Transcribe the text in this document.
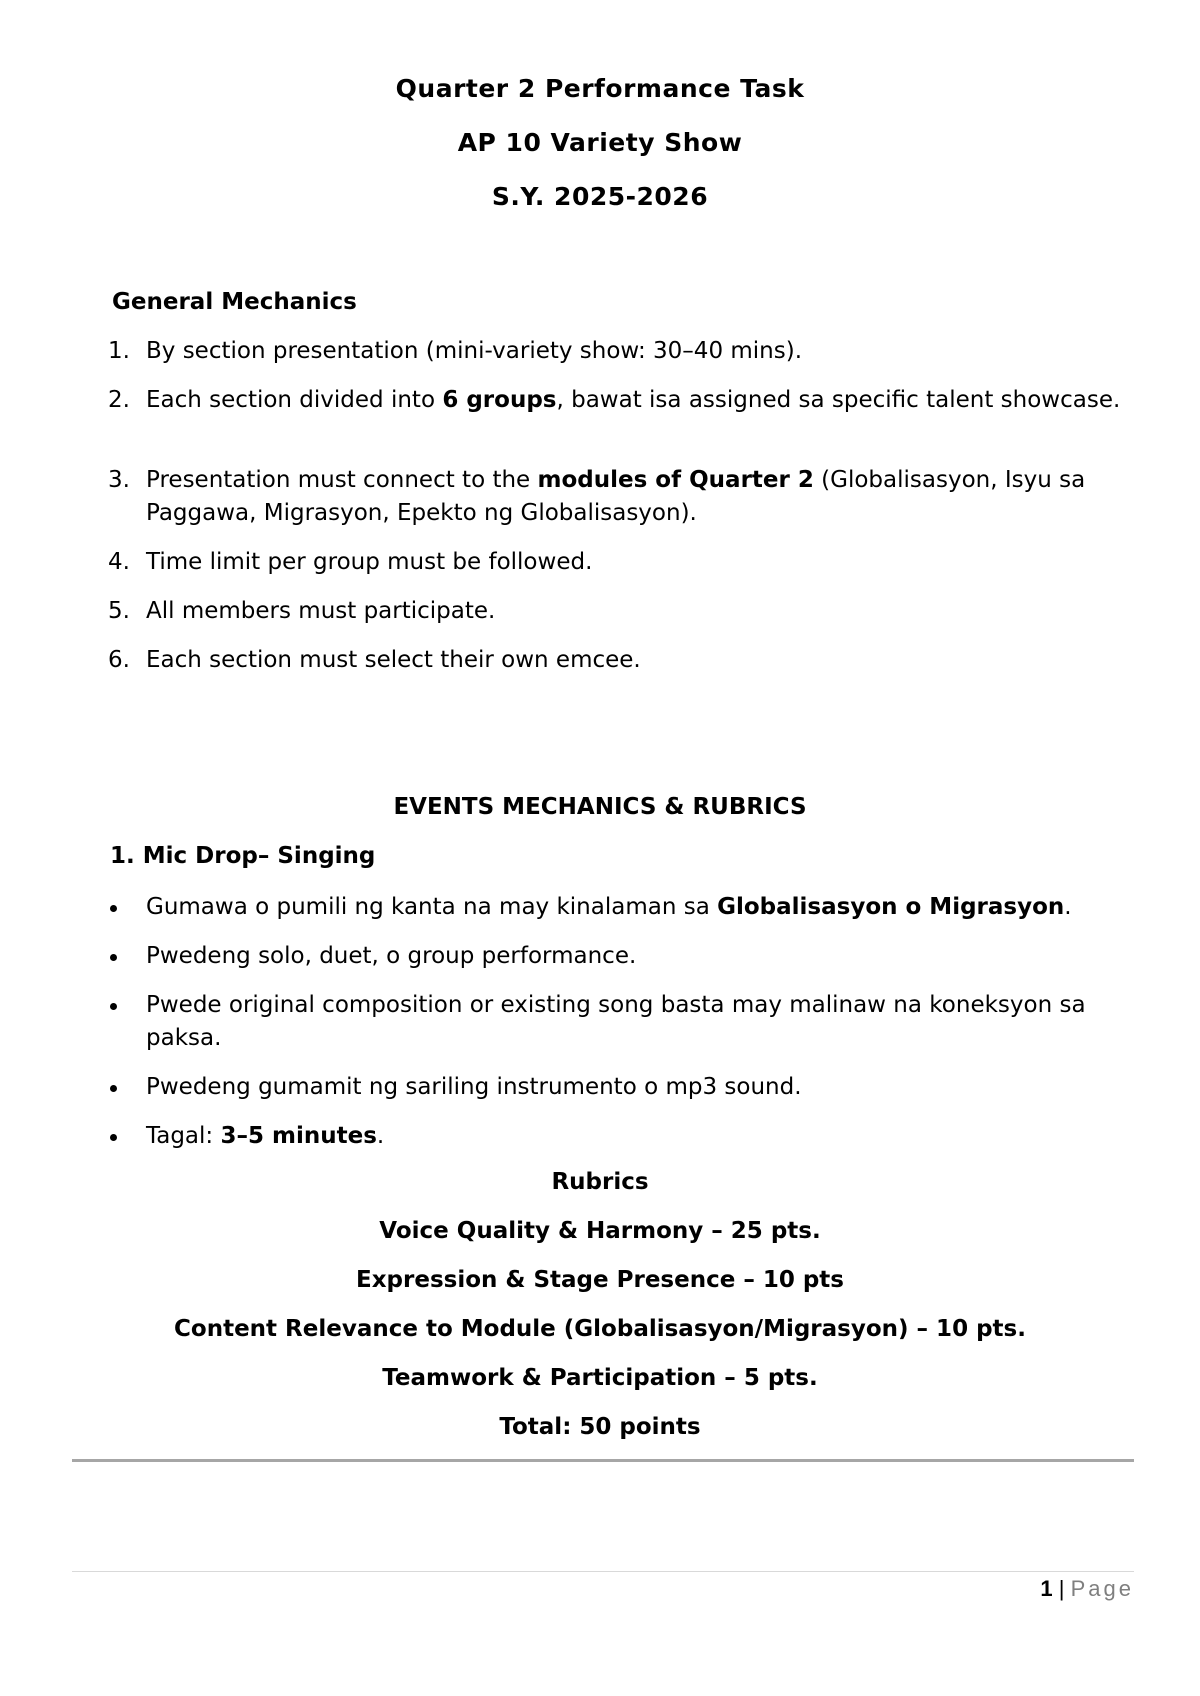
Quarter 2 Performance Task
AP 10 Variety Show
S.Y. 2025-2026
General Mechanics
1. By section presentation (mini-variety show: 30–40 mins).
2. Each section divided into 6 groups, bawat isa assigned sa specific talent showcase.
3. Presentation must connect to the modules of Quarter 2 (Globalisasyon, Isyu sa Paggawa, Migrasyon, Epekto ng Globalisasyon).
4. Time limit per group must be followed.
5. All members must participate.
6. Each section must select their own emcee.
EVENTS MECHANICS & RUBRICS
1. Mic Drop– Singing
Gumawa o pumili ng kanta na may kinalaman sa Globalisasyon o Migrasyon.
Pwedeng solo, duet, o group performance.
Pwede original composition or existing song basta may malinaw na koneksyon sa paksa.
Pwedeng gumamit ng sariling instrumento o mp3 sound.
Tagal: 3–5 minutes.
Rubrics
Voice Quality & Harmony – 25 pts.
Expression & Stage Presence – 10 pts
Content Relevance to Module (Globalisasyon/Migrasyon) – 10 pts.
Teamwork & Participation – 5 pts.
Total: 50 points
1 | Page
